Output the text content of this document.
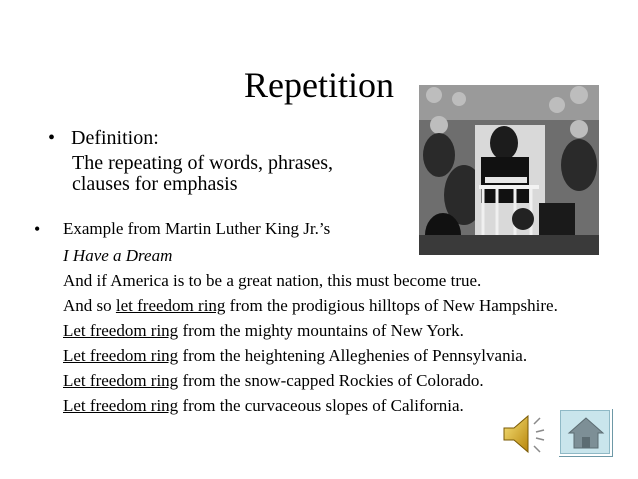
Repetition
• Definition:
The repeating of words, phrases,
clauses for emphasis
• Example from Martin Luther King Jr.’s
I Have a Dream
And if America is to be a great nation, this must become true.
And so let freedom ring from the prodigious hilltops of New Hampshire.
Let freedom ring from the mighty mountains of New York.
Let freedom ring from the heightening Alleghenies of Pennsylvania.
Let freedom ring from the snow-capped Rockies of Colorado.
Let freedom ring from the curvaceous slopes of California.
